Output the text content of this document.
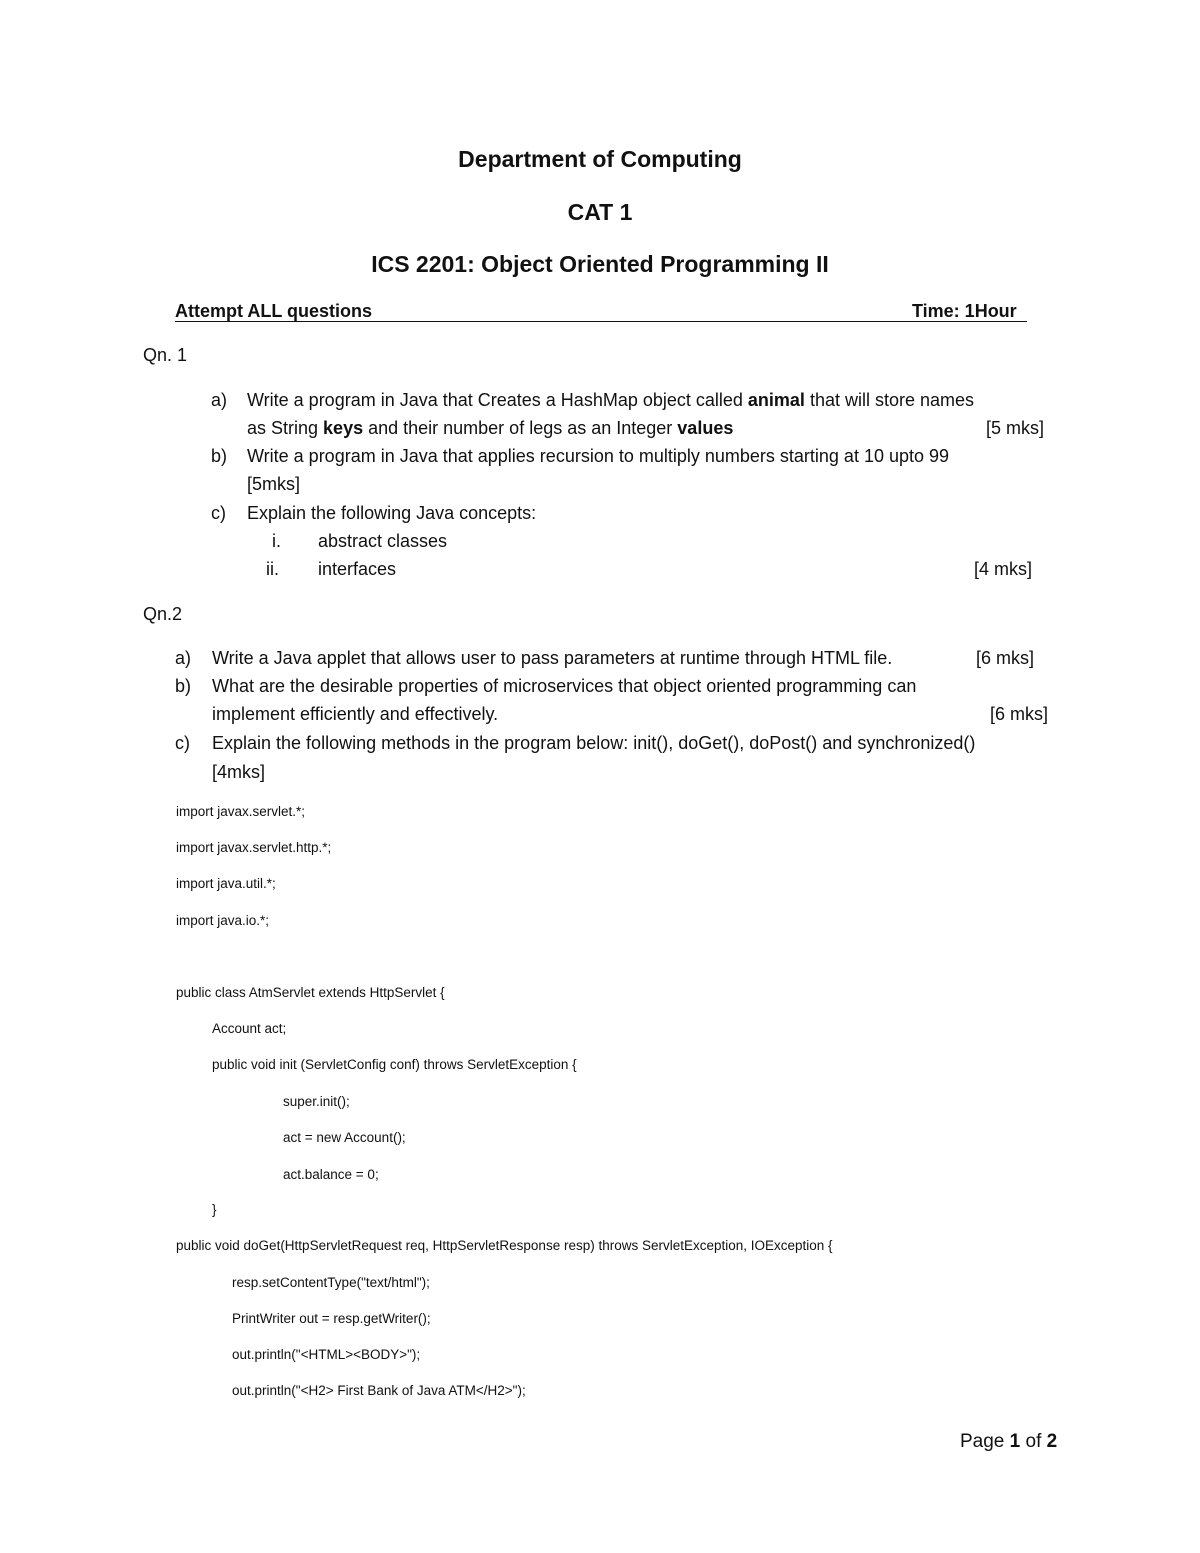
Department of Computing
CAT 1
ICS 2201: Object Oriented Programming II
Attempt ALL questions	Time: 1Hour
Qn. 1
a) Write a program in Java that Creates a HashMap object called animal that will store names
as String keys and their number of legs as an Integer values	[5 mks]
b) Write a program in Java that applies recursion to multiply numbers starting at 10 upto 99
[5mks]
c) Explain the following Java concepts:
i. abstract classes
ii. interfaces	[4 mks]
Qn.2
a) Write a Java applet that allows user to pass parameters at runtime through HTML file.	[6 mks]
b) What are the desirable properties of microservices that object oriented programming can
implement efficiently and effectively.	[6 mks]
c) Explain the following methods in the program below: init(), doGet(), doPost() and synchronized()
[4mks]
import javax.servlet.*;
import javax.servlet.http.*;
import java.util.*;
import java.io.*;
public class AtmServlet extends HttpServlet {
Account act;
public void init (ServletConfig conf) throws ServletException {
super.init();
act = new Account();
act.balance = 0;
}
public void doGet(HttpServletRequest req, HttpServletResponse resp) throws ServletException, IOException {
resp.setContentType("text/html");
PrintWriter out = resp.getWriter();
out.println("<HTML><BODY>");
out.println("<H2> First Bank of Java ATM</H2>");
Page 1 of 2
